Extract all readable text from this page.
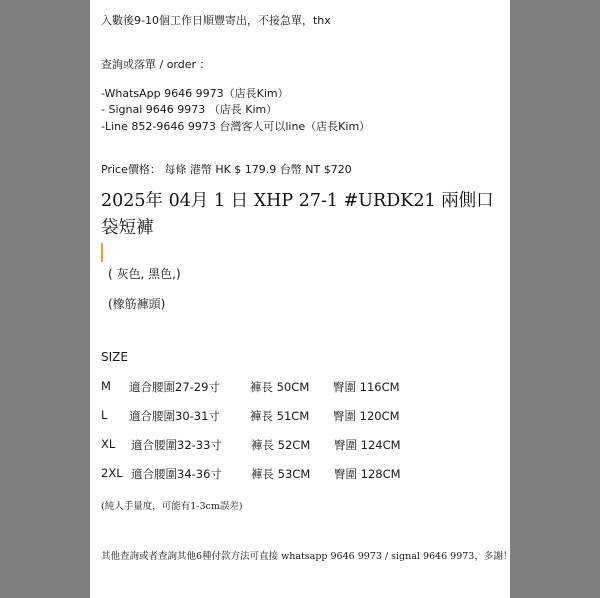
入數後9-10個工作日順豐寄出，不接急單，thx
查詢或落單 / order ：
-WhatsApp 9646 9973（店長Kim）
- Signal 9646 9973 （店長 Kim）
-Line 852-9646 9973 台灣客人可以line（店長Kim）
Price價格： 每條 港幣 HK $ 179.9 台幣 NT $720
2025年 04月 1 日 XHP 27-1 #URDK21 兩側口袋短褲
( 灰色, 黑色,)
(橡筋褲頭)
SIZE
M 適合腰圍27-29寸	褲長 50CM 臀圍 116CM
L 適合腰圍30-31寸	褲長 51CM 臀圍 120CM
XL 適合腰圍32-33寸	褲長 52CM 臀圍 124CM
2XL 適合腰圍34-36寸	褲長 53CM 臀圍 128CM
(純人手量度，可能有1-3cm誤差)
其他查詢或者查詢其他6種付款方法可直接 whatsapp 9646 9973 / signal 9646 9973，多謝！
